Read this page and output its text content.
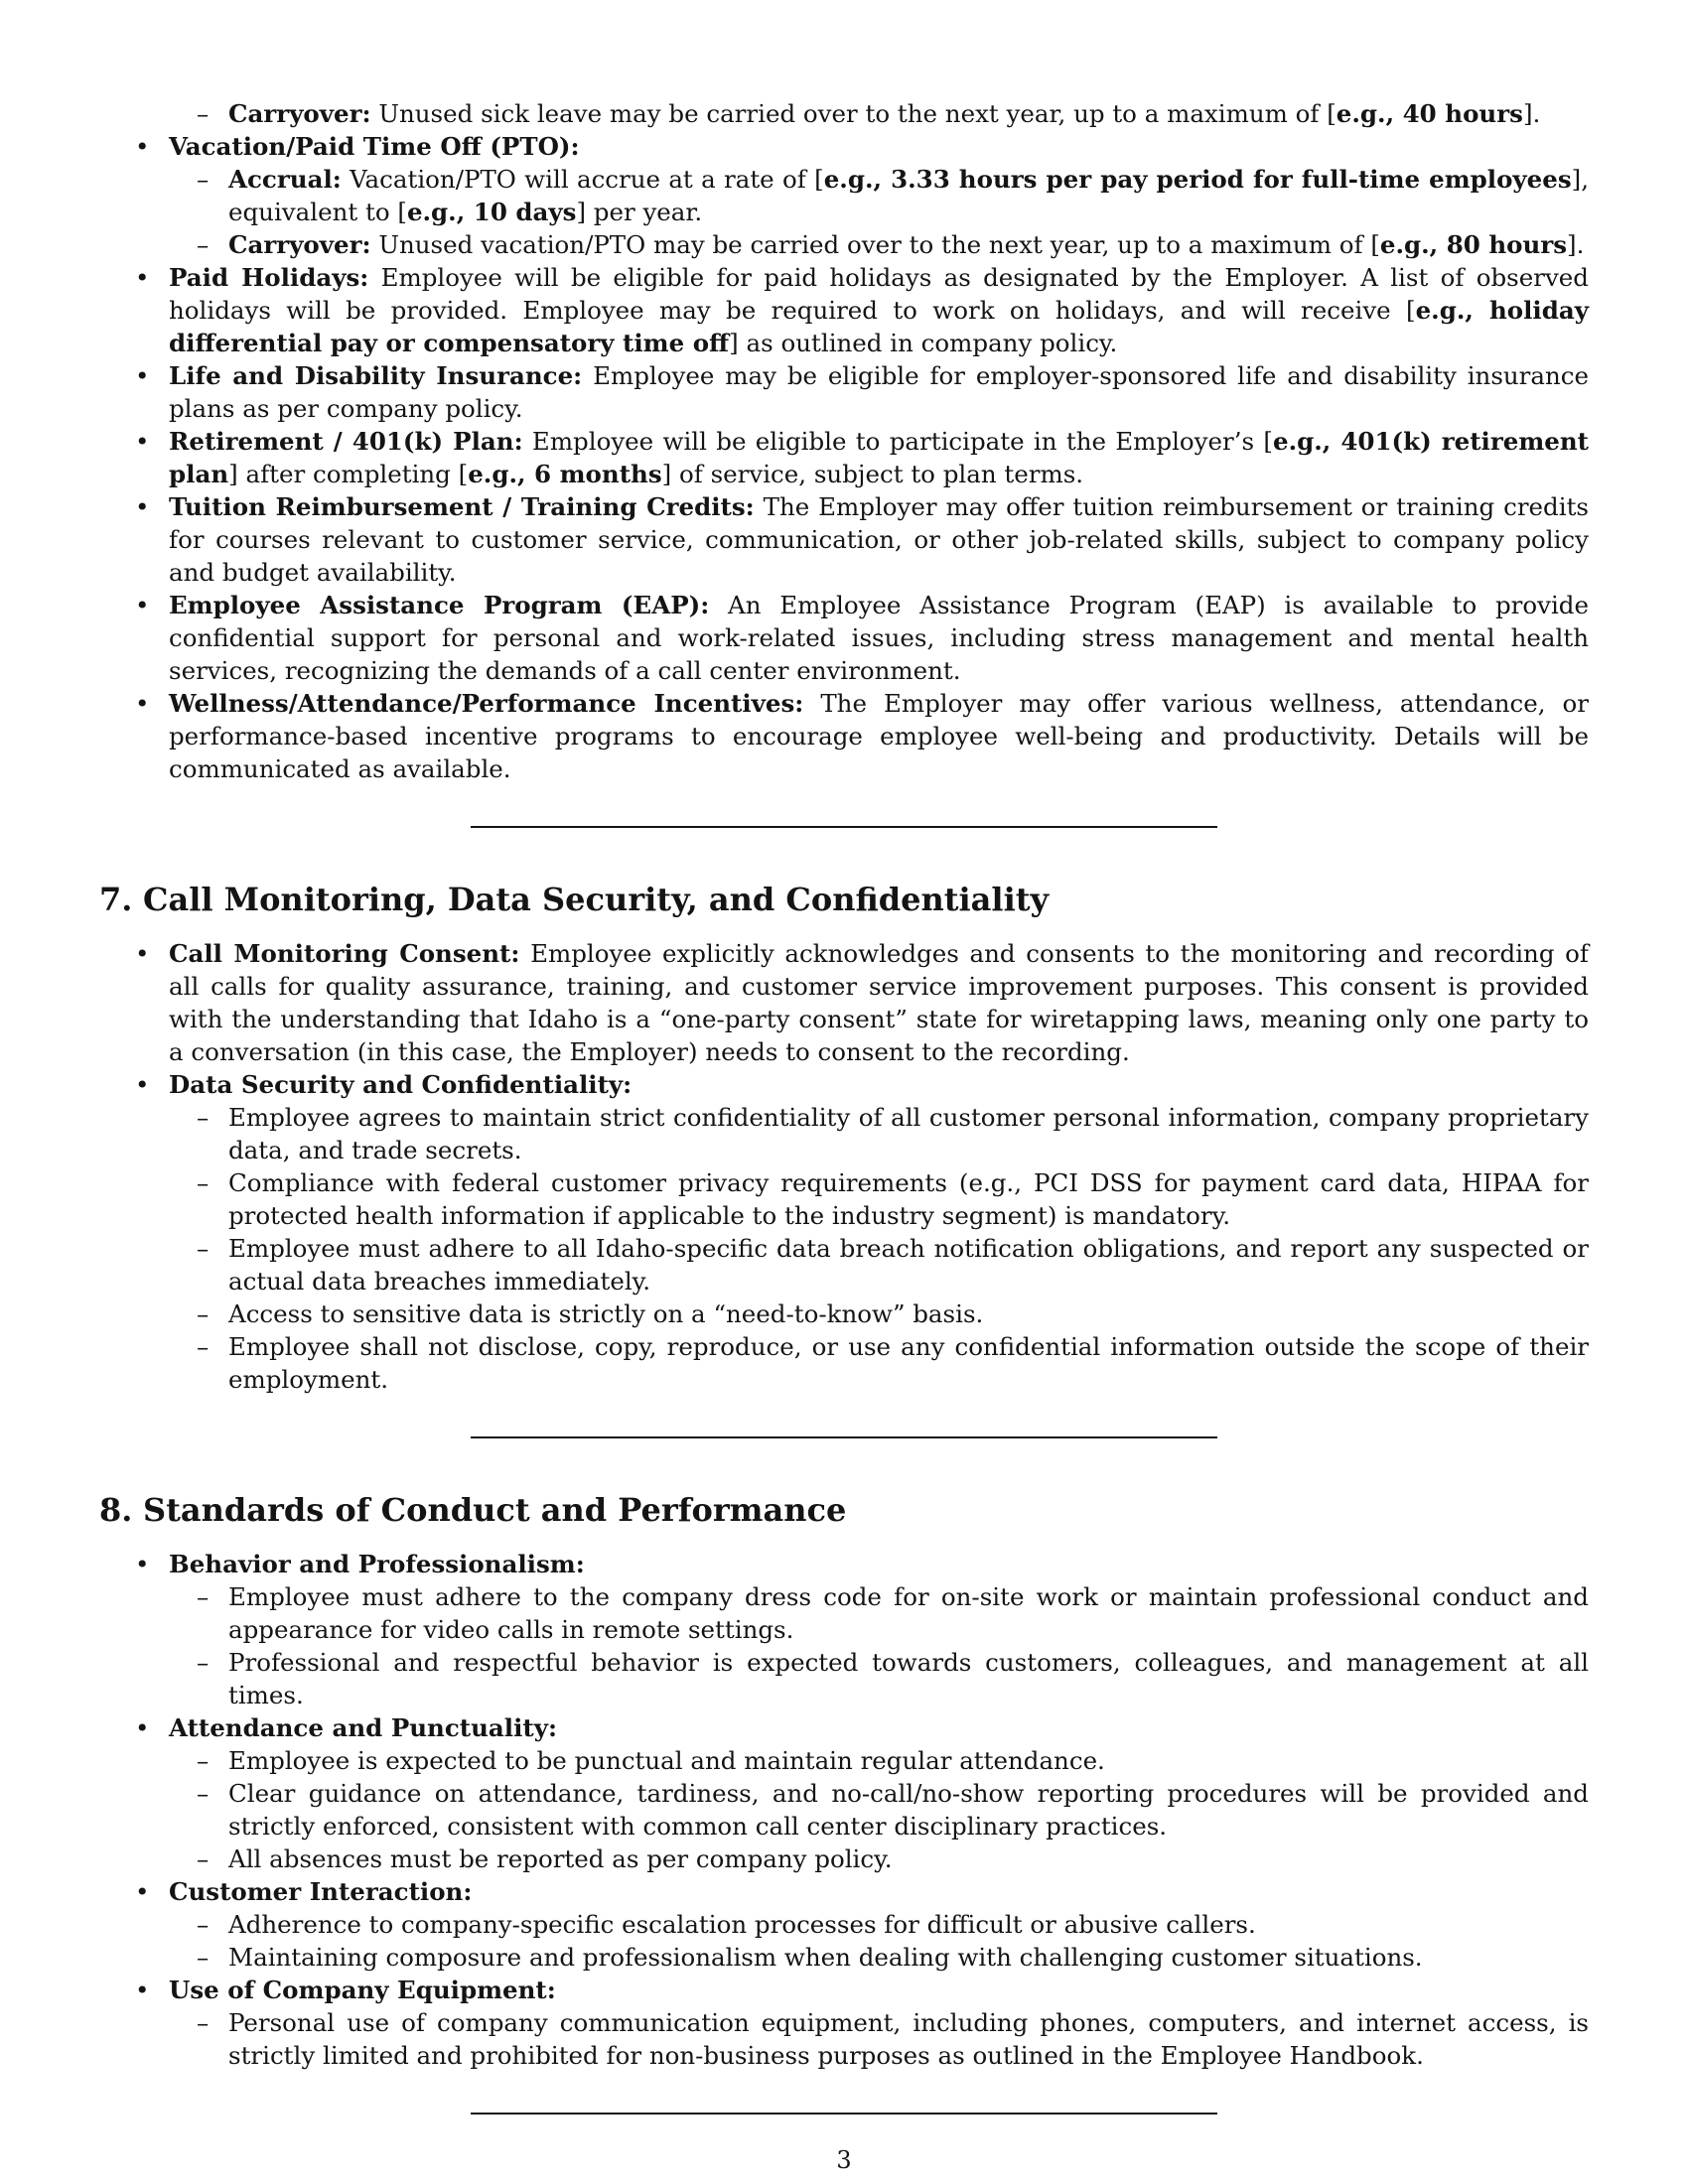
– Carryover: Unused sick leave may be carried over to the next year, up to a maximum of [e.g., 40 hours].
• Vacation/Paid Time Off (PTO):
– Accrual: Vacation/PTO will accrue at a rate of [e.g., 3.33 hours per pay period for full-time employees], equivalent to [e.g., 10 days] per year.
– Carryover: Unused vacation/PTO may be carried over to the next year, up to a maximum of [e.g., 80 hours].
• Paid Holidays: Employee will be eligible for paid holidays as designated by the Employer. A list of observed holidays will be provided. Employee may be required to work on holidays, and will receive [e.g., holiday differential pay or compensatory time off] as outlined in company policy.
• Life and Disability Insurance: Employee may be eligible for employer-sponsored life and disability insurance plans as per company policy.
• Retirement / 401(k) Plan: Employee will be eligible to participate in the Employer’s [e.g., 401(k) retirement plan] after completing [e.g., 6 months] of service, subject to plan terms.
• Tuition Reimbursement / Training Credits: The Employer may offer tuition reimbursement or training credits for courses relevant to customer service, communication, or other job-related skills, subject to company policy and budget availability.
• Employee Assistance Program (EAP): An Employee Assistance Program (EAP) is available to provide confidential support for personal and work-related issues, including stress management and mental health services, recognizing the demands of a call center environment.
• Wellness/Attendance/Performance Incentives: The Employer may offer various wellness, attendance, or performance-based incentive programs to encourage employee well-being and productivity. Details will be communicated as available.
7. Call Monitoring, Data Security, and Confidentiality
• Call Monitoring Consent: Employee explicitly acknowledges and consents to the monitoring and recording of all calls for quality assurance, training, and customer service improvement purposes. This consent is provided with the understanding that Idaho is a “one-party consent” state for wiretapping laws, meaning only one party to a conversation (in this case, the Employer) needs to consent to the recording.
• Data Security and Confidentiality:
– Employee agrees to maintain strict confidentiality of all customer personal information, company proprietary data, and trade secrets.
– Compliance with federal customer privacy requirements (e.g., PCI DSS for payment card data, HIPAA for protected health information if applicable to the industry segment) is mandatory.
– Employee must adhere to all Idaho-specific data breach notification obligations, and report any suspected or actual data breaches immediately.
– Access to sensitive data is strictly on a “need-to-know” basis.
– Employee shall not disclose, copy, reproduce, or use any confidential information outside the scope of their employment.
8. Standards of Conduct and Performance
• Behavior and Professionalism:
– Employee must adhere to the company dress code for on-site work or maintain professional conduct and appearance for video calls in remote settings.
– Professional and respectful behavior is expected towards customers, colleagues, and management at all times.
• Attendance and Punctuality:
– Employee is expected to be punctual and maintain regular attendance.
– Clear guidance on attendance, tardiness, and no-call/no-show reporting procedures will be provided and strictly enforced, consistent with common call center disciplinary practices.
– All absences must be reported as per company policy.
• Customer Interaction:
– Adherence to company-specific escalation processes for difficult or abusive callers.
– Maintaining composure and professionalism when dealing with challenging customer situations.
• Use of Company Equipment:
– Personal use of company communication equipment, including phones, computers, and internet access, is strictly limited and prohibited for non-business purposes as outlined in the Employee Handbook.
3
